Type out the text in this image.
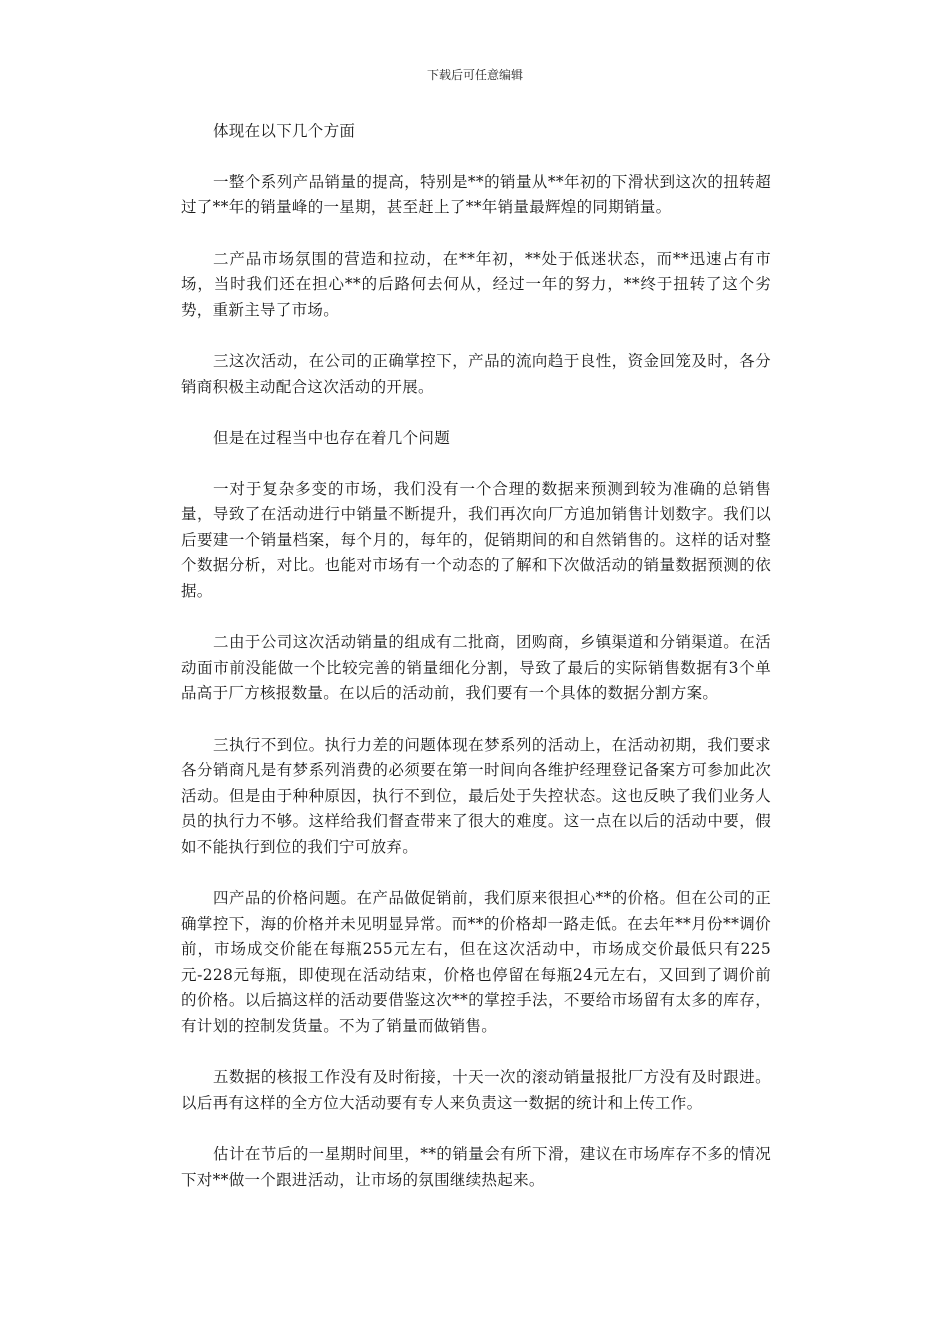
下载后可任意编辑

体现在以下几个方面

一整个系列产品销量的提高，特别是**的销量从**年初的下滑状到这次的扭转超过了**年的销量峰的一星期，甚至赶上了**年销量最辉煌的同期销量。

二产品市场氛围的营造和拉动，在**年初，**处于低迷状态，而**迅速占有市场，当时我们还在担心**的后路何去何从，经过一年的努力，**终于扭转了这个劣势，重新主导了市场。

三这次活动，在公司的正确掌控下，产品的流向趋于良性，资金回笼及时，各分销商积极主动配合这次活动的开展。

但是在过程当中也存在着几个问题

一对于复杂多变的市场，我们没有一个合理的数据来预测到较为准确的总销售量，导致了在活动进行中销量不断提升，我们再次向厂方追加销售计划数字。我们以后要建一个销量档案，每个月的，每年的，促销期间的和自然销售的。这样的话对整个数据分析，对比。也能对市场有一个动态的了解和下次做活动的销量数据预测的依据。

二由于公司这次活动销量的组成有二批商，团购商，乡镇渠道和分销渠道。在活动面市前没能做一个比较完善的销量细化分割，导致了最后的实际销售数据有3个单品高于厂方核报数量。在以后的活动前，我们要有一个具体的数据分割方案。

三执行不到位。执行力差的问题体现在梦系列的活动上，在活动初期，我们要求各分销商凡是有梦系列消费的必须要在第一时间向各维护经理登记备案方可参加此次活动。但是由于种种原因，执行不到位，最后处于失控状态。这也反映了我们业务人员的执行力不够。这样给我们督查带来了很大的难度。这一点在以后的活动中要，假如不能执行到位的我们宁可放弃。

四产品的价格问题。在产品做促销前，我们原来很担心**的价格。但在公司的正确掌控下，海的价格并未见明显异常。而**的价格却一路走低。在去年**月份**调价前，市场成交价能在每瓶255元左右，但在这次活动中，市场成交价最低只有225元-228元每瓶，即使现在活动结束，价格也停留在每瓶24元左右，又回到了调价前的价格。以后搞这样的活动要借鉴这次**的掌控手法，不要给市场留有太多的库存，有计划的控制发货量。不为了销量而做销售。

五数据的核报工作没有及时衔接，十天一次的滚动销量报批厂方没有及时跟进。以后再有这样的全方位大活动要有专人来负责这一数据的统计和上传工作。

估计在节后的一星期时间里，**的销量会有所下滑，建议在市场库存不多的情况下对**做一个跟进活动，让市场的氛围继续热起来。
